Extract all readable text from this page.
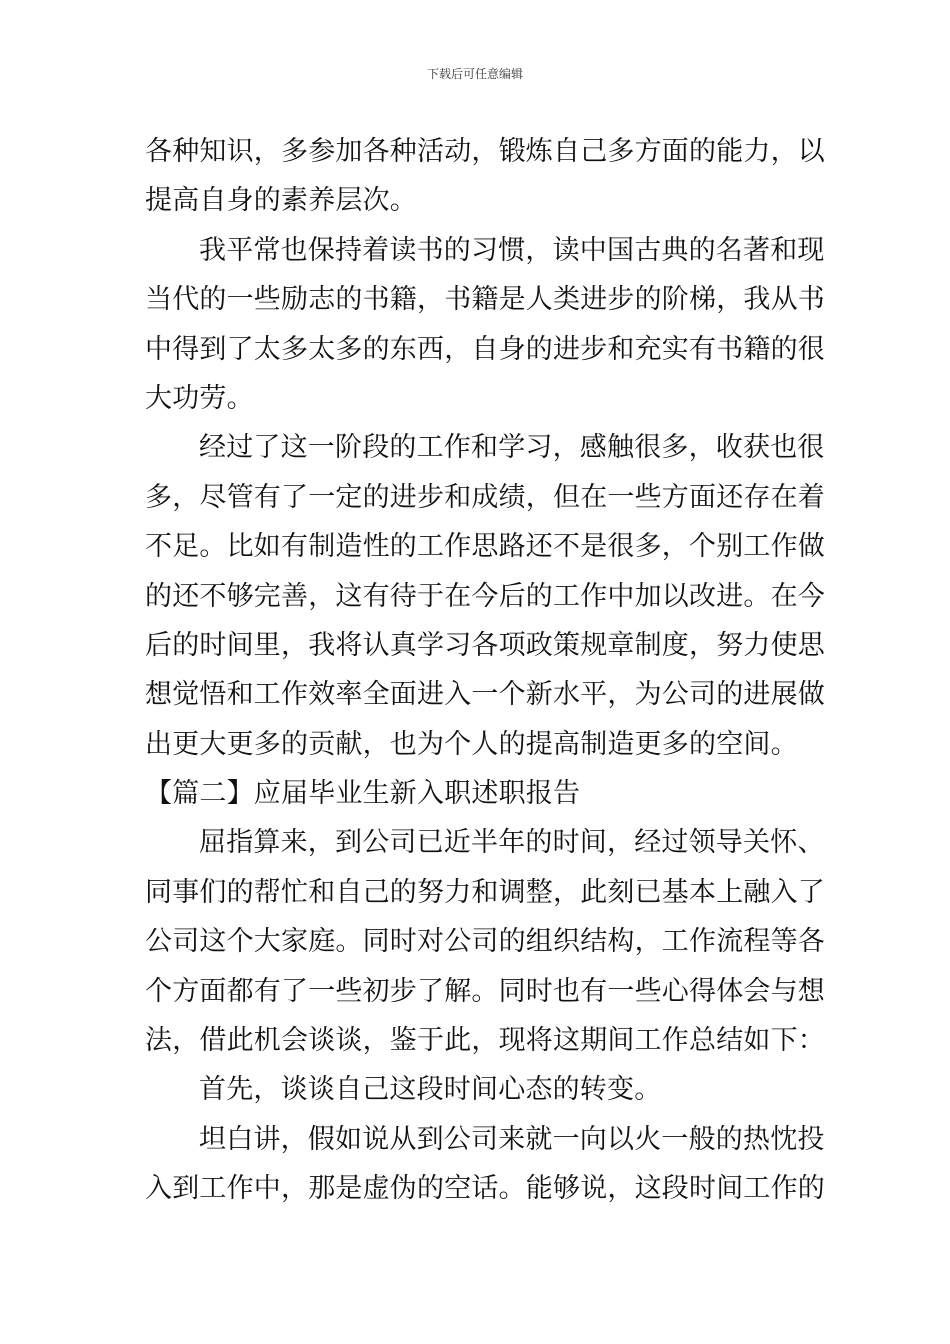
下载后可任意编辑
各种知识，多参加各种活动，锻炼自己多方面的能力，以
提高自身的素养层次。
我平常也保持着读书的习惯，读中国古典的名著和现
当代的一些励志的书籍，书籍是人类进步的阶梯，我从书
中得到了太多太多的东西，自身的进步和充实有书籍的很
大功劳。
经过了这一阶段的工作和学习，感触很多，收获也很
多，尽管有了一定的进步和成绩，但在一些方面还存在着
不足。比如有制造性的工作思路还不是很多，个别工作做
的还不够完善，这有待于在今后的工作中加以改进。在今
后的时间里，我将认真学习各项政策规章制度，努力使思
想觉悟和工作效率全面进入一个新水平，为公司的进展做
出更大更多的贡献，也为个人的提高制造更多的空间。
【篇二】应届毕业生新入职述职报告
屈指算来，到公司已近半年的时间，经过领导关怀、
同事们的帮忙和自己的努力和调整，此刻已基本上融入了
公司这个大家庭。同时对公司的组织结构，工作流程等各
个方面都有了一些初步了解。同时也有一些心得体会与想
法，借此机会谈谈，鉴于此，现将这期间工作总结如下：
首先，谈谈自己这段时间心态的转变。
坦白讲，假如说从到公司来就一向以火一般的热忱投
入到工作中，那是虚伪的空话。能够说，这段时间工作的
